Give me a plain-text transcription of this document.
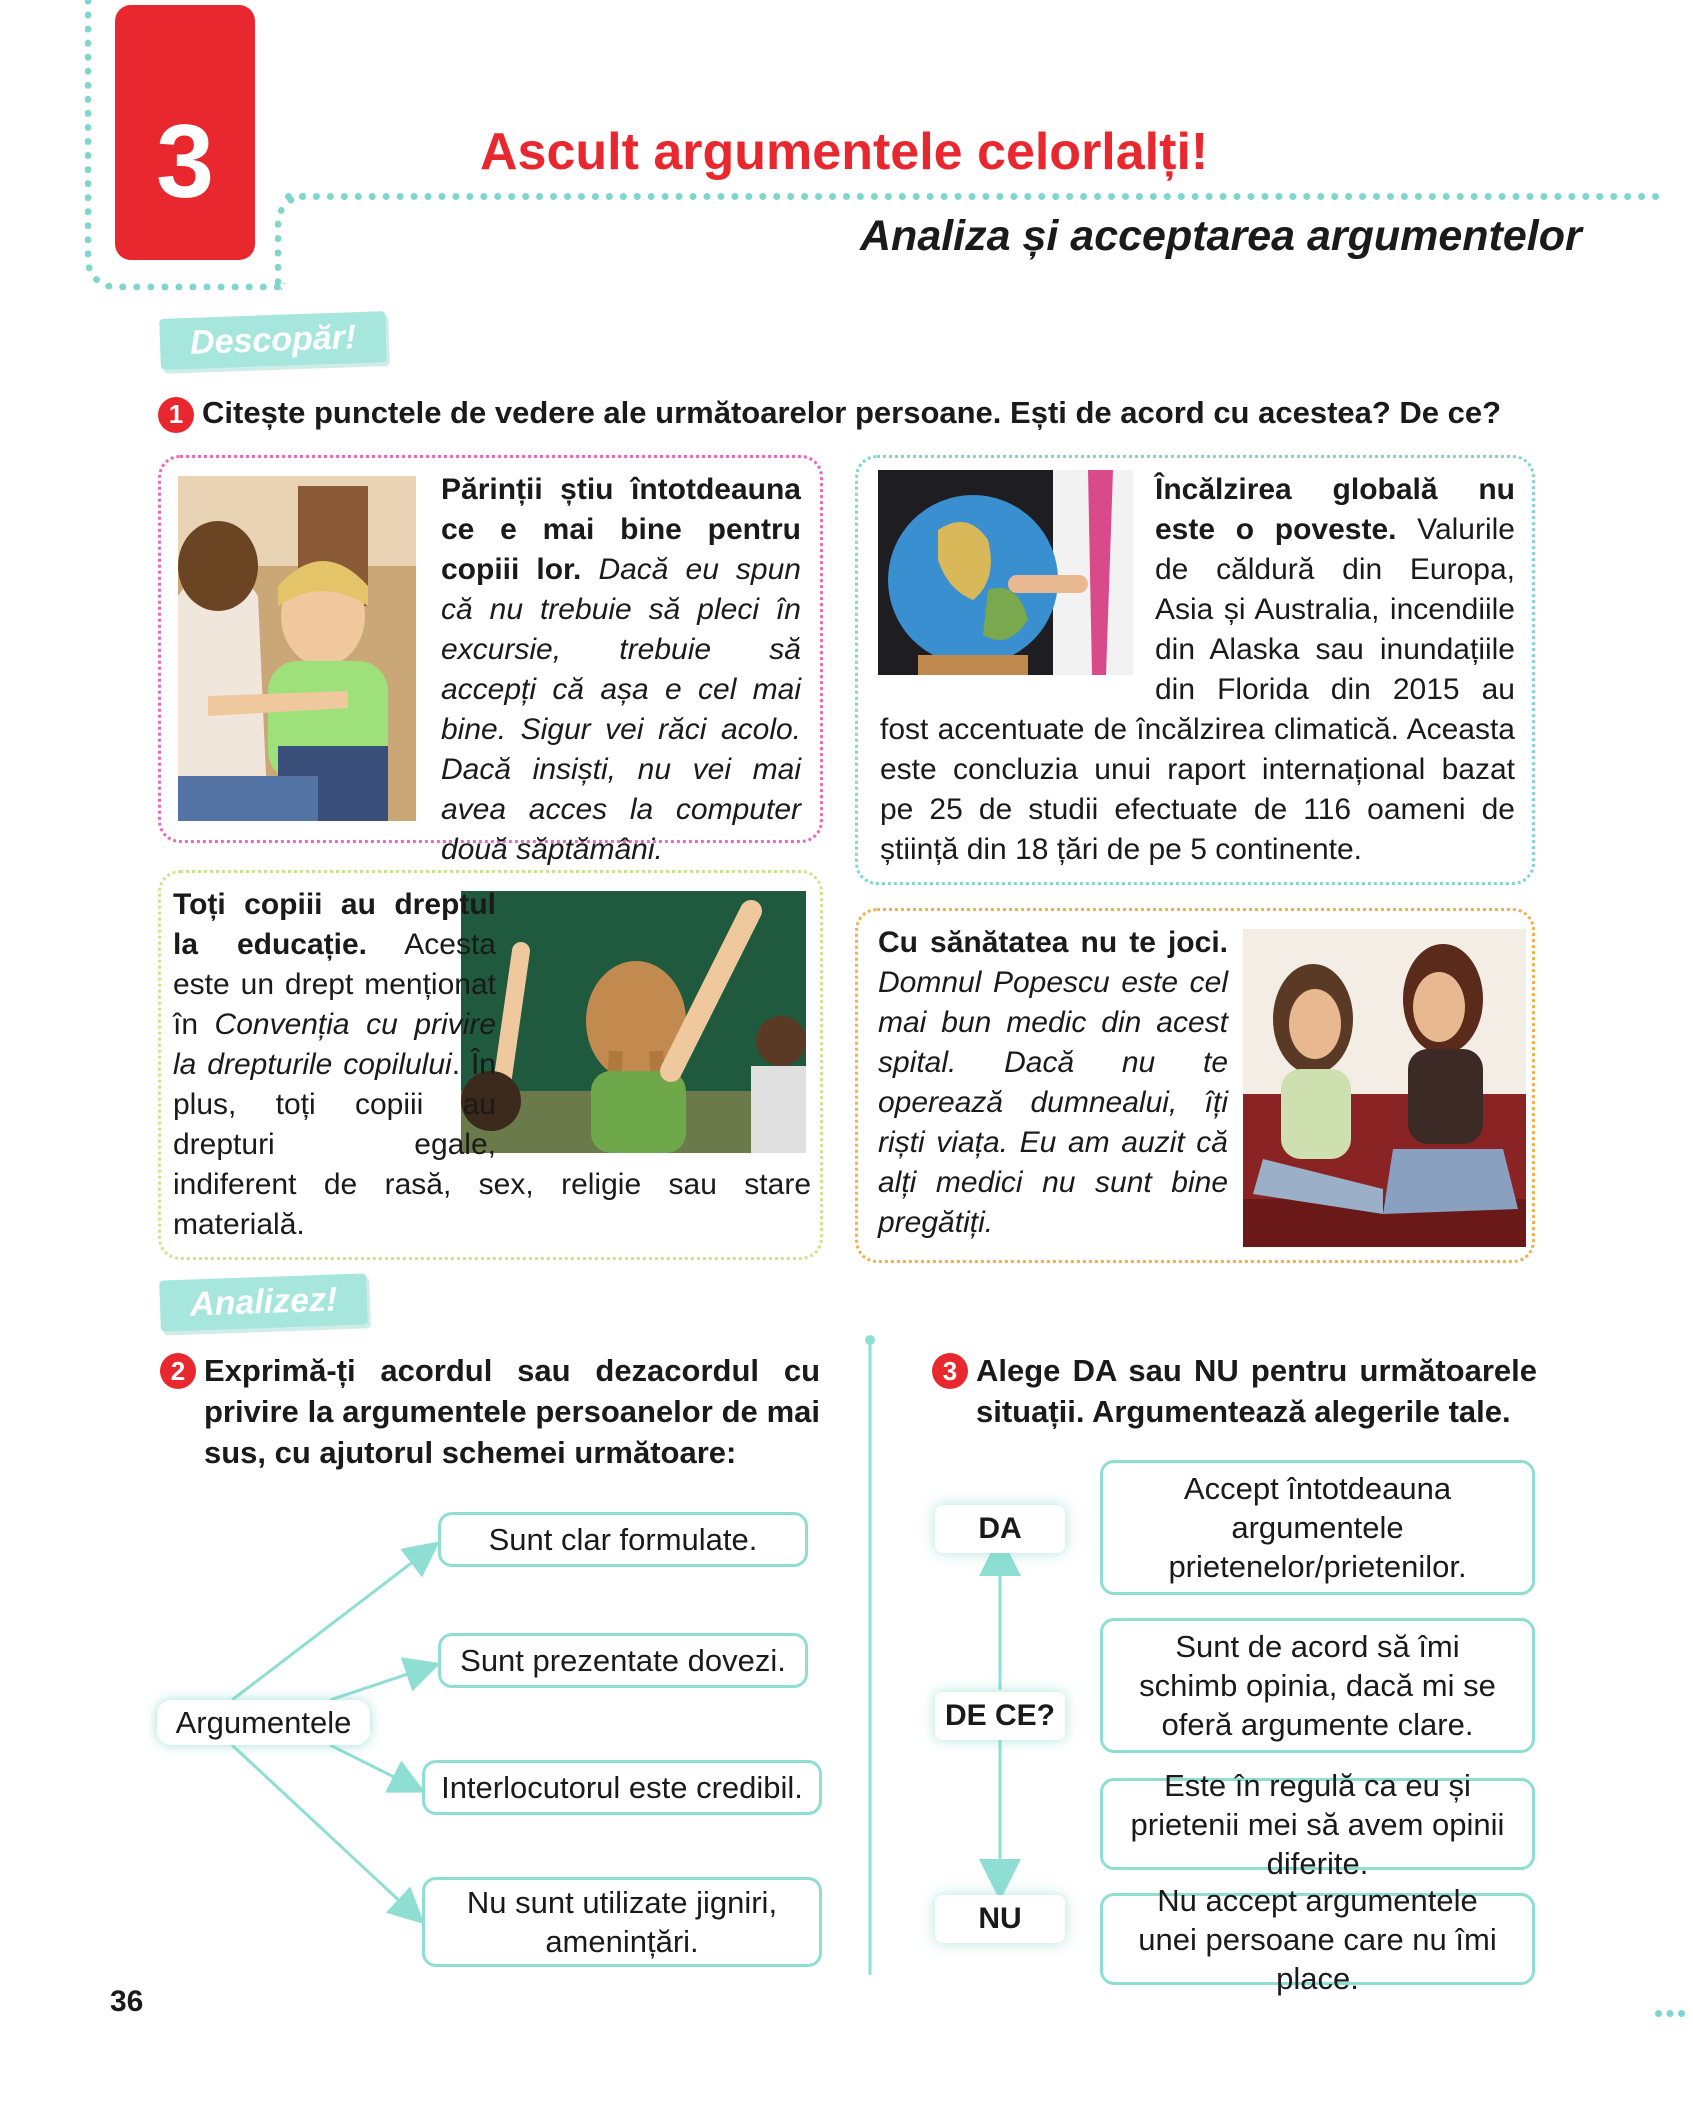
3	Ascult argumentele celorlalți!
Analiza și acceptarea argumentelor
Descopăr!
1 Citește punctele de vedere ale următoarelor persoane. Ești de acord cu acestea? De ce?
Părinții știu întotdeauna ce e mai bine pentru copiii lor. Dacă eu spun că nu trebuie să pleci în excursie, trebuie să accepți că așa e cel mai bine. Sigur vei răci acolo. Dacă insiști, nu vei mai avea acces la computer două săptămâni.
Încălzirea globală nu este o poveste. Valurile de căldură din Europa, Asia și Australia, incendiile din Alaska sau inundațiile din Florida din 2015 au fost accentuate de încălzirea climatică. Aceasta este concluzia unui raport internațional bazat pe 25 de studii efectuate de 116 oameni de știință din 18 țări de pe 5 continente.
Toți copiii au dreptul la educație. Acesta este un drept menționat în Convenția cu privire la drepturile copilului. În plus, toți copiii au drepturi egale, indiferent de rasă, sex, religie sau stare materială.
Cu sănătatea nu te joci. Domnul Popescu este cel mai bun medic din acest spital. Dacă nu te operează dumnealui, îți riști viața. Eu am auzit că alți medici nu sunt bine pregătiți.
Analizez!
2 Exprimă-ți acordul sau dezacordul cu privire la argumentele persoanelor de mai sus, cu ajutorul schemei următoare:
Argumentele
Sunt clar formulate.
Sunt prezentate dovezi.
Interlocutorul este credibil.
Nu sunt utilizate jigniri, amenințări.
3 Alege DA sau NU pentru următoarele situații. Argumentează alegerile tale.
DA
DE CE?
NU
Accept întotdeauna argumentele prietenelor/prietenilor.
Sunt de acord să îmi schimb opinia, dacă mi se oferă argumente clare.
Este în regulă ca eu și prietenii mei să avem opinii diferite.
Nu accept argumentele unei persoane care nu îmi place.
36
